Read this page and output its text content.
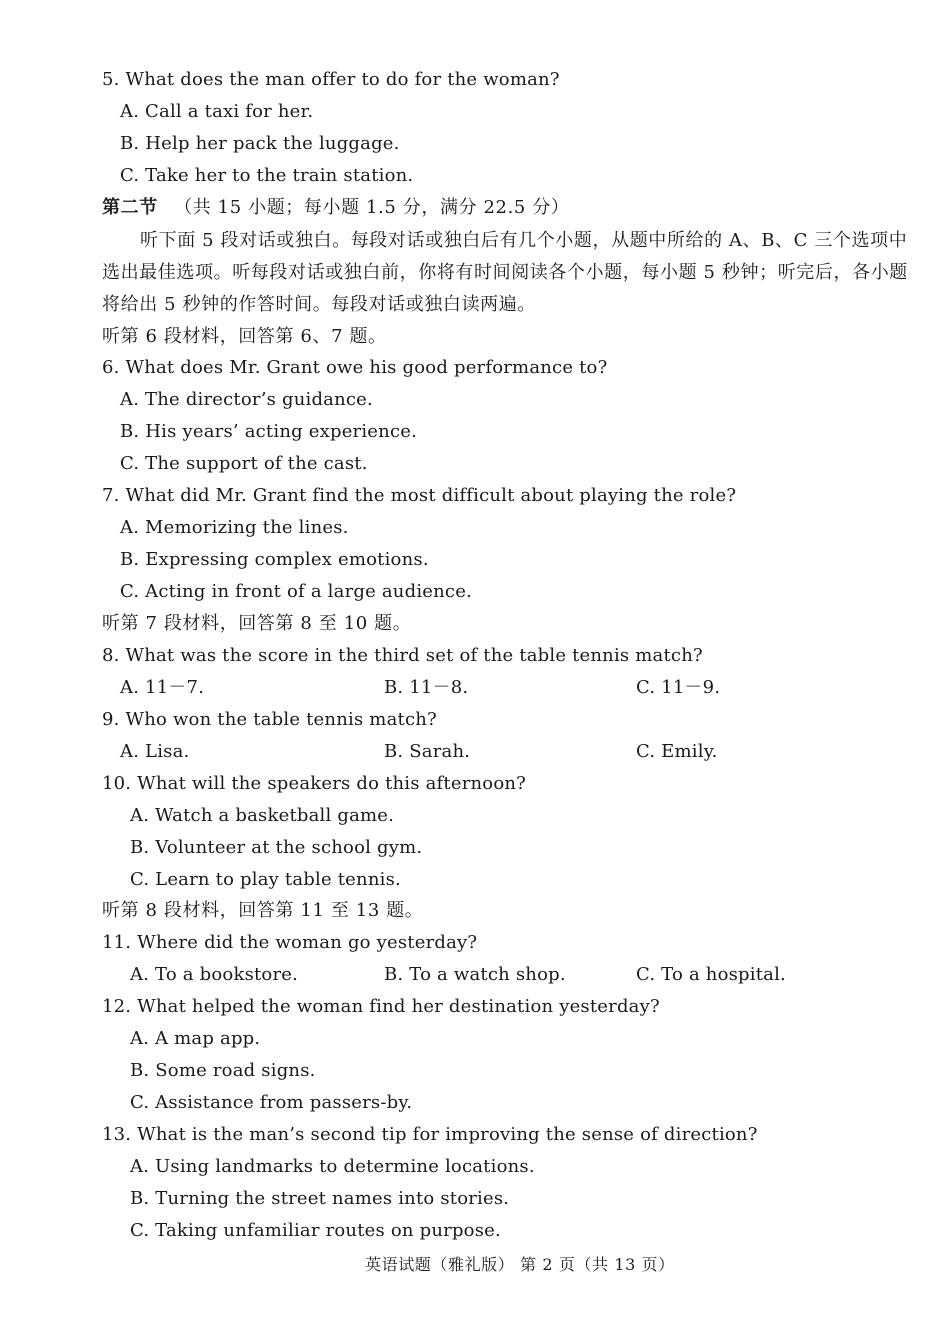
5. What does the man offer to do for the woman?
A. Call a taxi for her.
B. Help her pack the luggage.
C. Take her to the train station.
第二节 （共 15 小题；每小题 1.5 分，满分 22.5 分）
听下面 5 段对话或独白。每段对话或独白后有几个小题，从题中所给的 A、B、C 三个选项中
选出最佳选项。听每段对话或独白前，你将有时间阅读各个小题，每小题 5 秒钟；听完后，各小题
将给出 5 秒钟的作答时间。每段对话或独白读两遍。
听第 6 段材料，回答第 6、7 题。
6. What does Mr. Grant owe his good performance to?
A. The director’s guidance.
B. His years’ acting experience.
C. The support of the cast.
7. What did Mr. Grant find the most difficult about playing the role?
A. Memorizing the lines.
B. Expressing complex emotions.
C. Acting in front of a large audience.
听第 7 段材料，回答第 8 至 10 题。
8. What was the score in the third set of the table tennis match?
A. 11－7.	B. 11－8.	C. 11－9.
9. Who won the table tennis match?
A. Lisa.	B. Sarah.	C. Emily.
10. What will the speakers do this afternoon?
A. Watch a basketball game.
B. Volunteer at the school gym.
C. Learn to play table tennis.
听第 8 段材料，回答第 11 至 13 题。
11. Where did the woman go yesterday?
A. To a bookstore.	B. To a watch shop.	C. To a hospital.
12. What helped the woman find her destination yesterday?
A. A map app.
B. Some road signs.
C. Assistance from passers-by.
13. What is the man’s second tip for improving the sense of direction?
A. Using landmarks to determine locations.
B. Turning the street names into stories.
C. Taking unfamiliar routes on purpose.
英语试题（雅礼版） 第 2 页（共 13 页）
